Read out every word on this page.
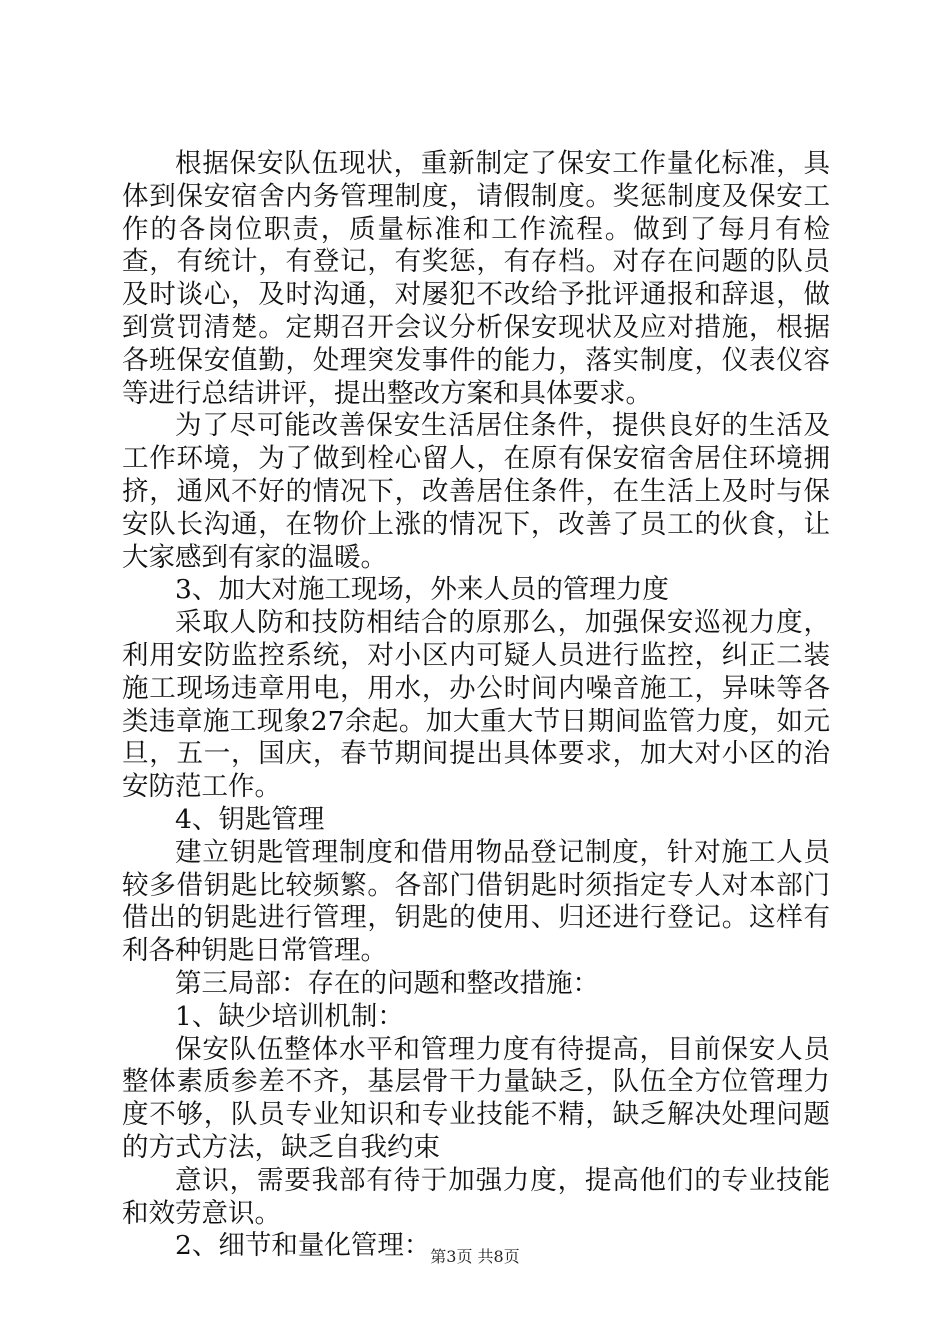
根据保安队伍现状，重新制定了保安工作量化标准，具体到保安宿舍内务管理制度，请假制度。奖惩制度及保安工作的各岗位职责，质量标准和工作流程。做到了每月有检查，有统计，有登记，有奖惩，有存档。对存在问题的队员及时谈心，及时沟通，对屡犯不改给予批评通报和辞退，做到赏罚清楚。定期召开会议分析保安现状及应对措施，根据各班保安值勤，处理突发事件的能力，落实制度，仪表仪容等进行总结讲评，提出整改方案和具体要求。

为了尽可能改善保安生活居住条件，提供良好的生活及工作环境，为了做到栓心留人，在原有保安宿舍居住环境拥挤，通风不好的情况下，改善居住条件，在生活上及时与保安队长沟通，在物价上涨的情况下，改善了员工的伙食，让大家感到有家的温暖。

3、加大对施工现场，外来人员的管理力度

采取人防和技防相结合的原那么，加强保安巡视力度，利用安防监控系统，对小区内可疑人员进行监控，纠正二装施工现场违章用电，用水，办公时间内噪音施工，异味等各类违章施工现象27余起。加大重大节日期间监管力度，如元旦，五一，国庆，春节期间提出具体要求，加大对小区的治安防范工作。

4、钥匙管理

建立钥匙管理制度和借用物品登记制度，针对施工人员较多借钥匙比较频繁。各部门借钥匙时须指定专人对本部门借出的钥匙进行管理，钥匙的使用、归还进行登记。这样有利各种钥匙日常管理。

第三局部：存在的问题和整改措施：

1、缺少培训机制：

保安队伍整体水平和管理力度有待提高，目前保安人员整体素质参差不齐，基层骨干力量缺乏，队伍全方位管理力度不够，队员专业知识和专业技能不精，缺乏解决处理问题的方式方法，缺乏自我约束

意识，需要我部有待于加强力度，提高他们的专业技能和效劳意识。

2、细节和量化管理： 第3页 共8页
